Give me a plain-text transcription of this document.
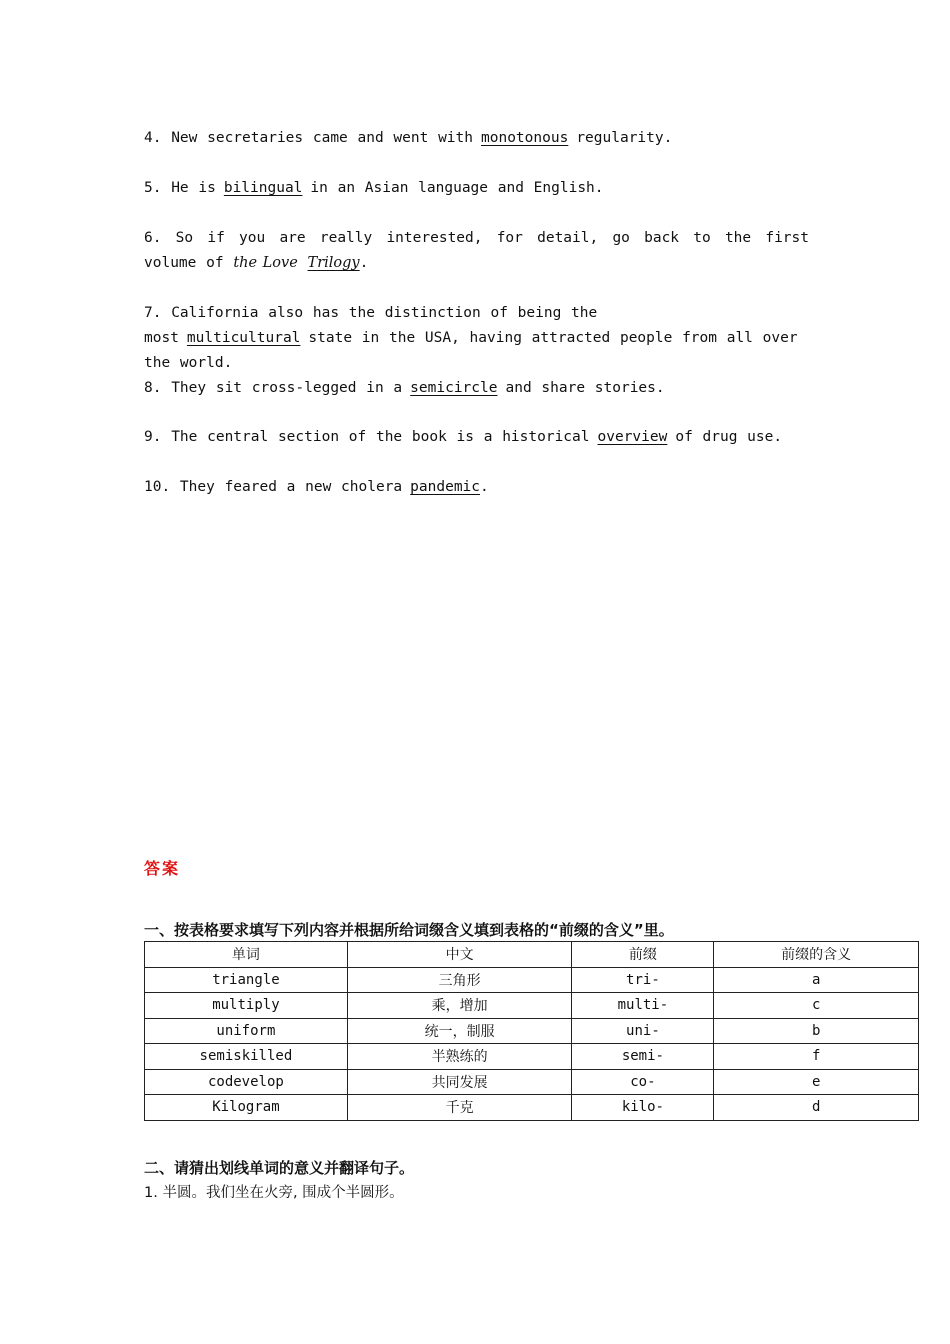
4. New secretaries came and went with monotonous regularity.
5. He is bilingual in an Asian language and English.
6. So if you are really interested, for detail, go back to the first volume of the Love Trilogy.
7. California also has the distinction of being the most multicultural state in the USA, having attracted people from all over the world.
8. They sit cross-legged in a semicircle and share stories.
9. The central section of the book is a historical overview of drug use.
10. They feared a new cholera pandemic.
答案
一、按表格要求填写下列内容并根据所给词缀含义填到表格的“前缀的含义”里。
单词	中文	前缀	前缀的含义
triangle	三角形	tri-	a
multiply	乘，增加	multi-	c
uniform	统一，制服	uni-	b
semiskilled	半熟练的	semi-	f
codevelop	共同发展	co-	e
Kilogram	千克	kilo-	d
二、请猜出划线单词的意义并翻译句子。
1. 半圆。我们坐在火旁, 围成个半圆形。
